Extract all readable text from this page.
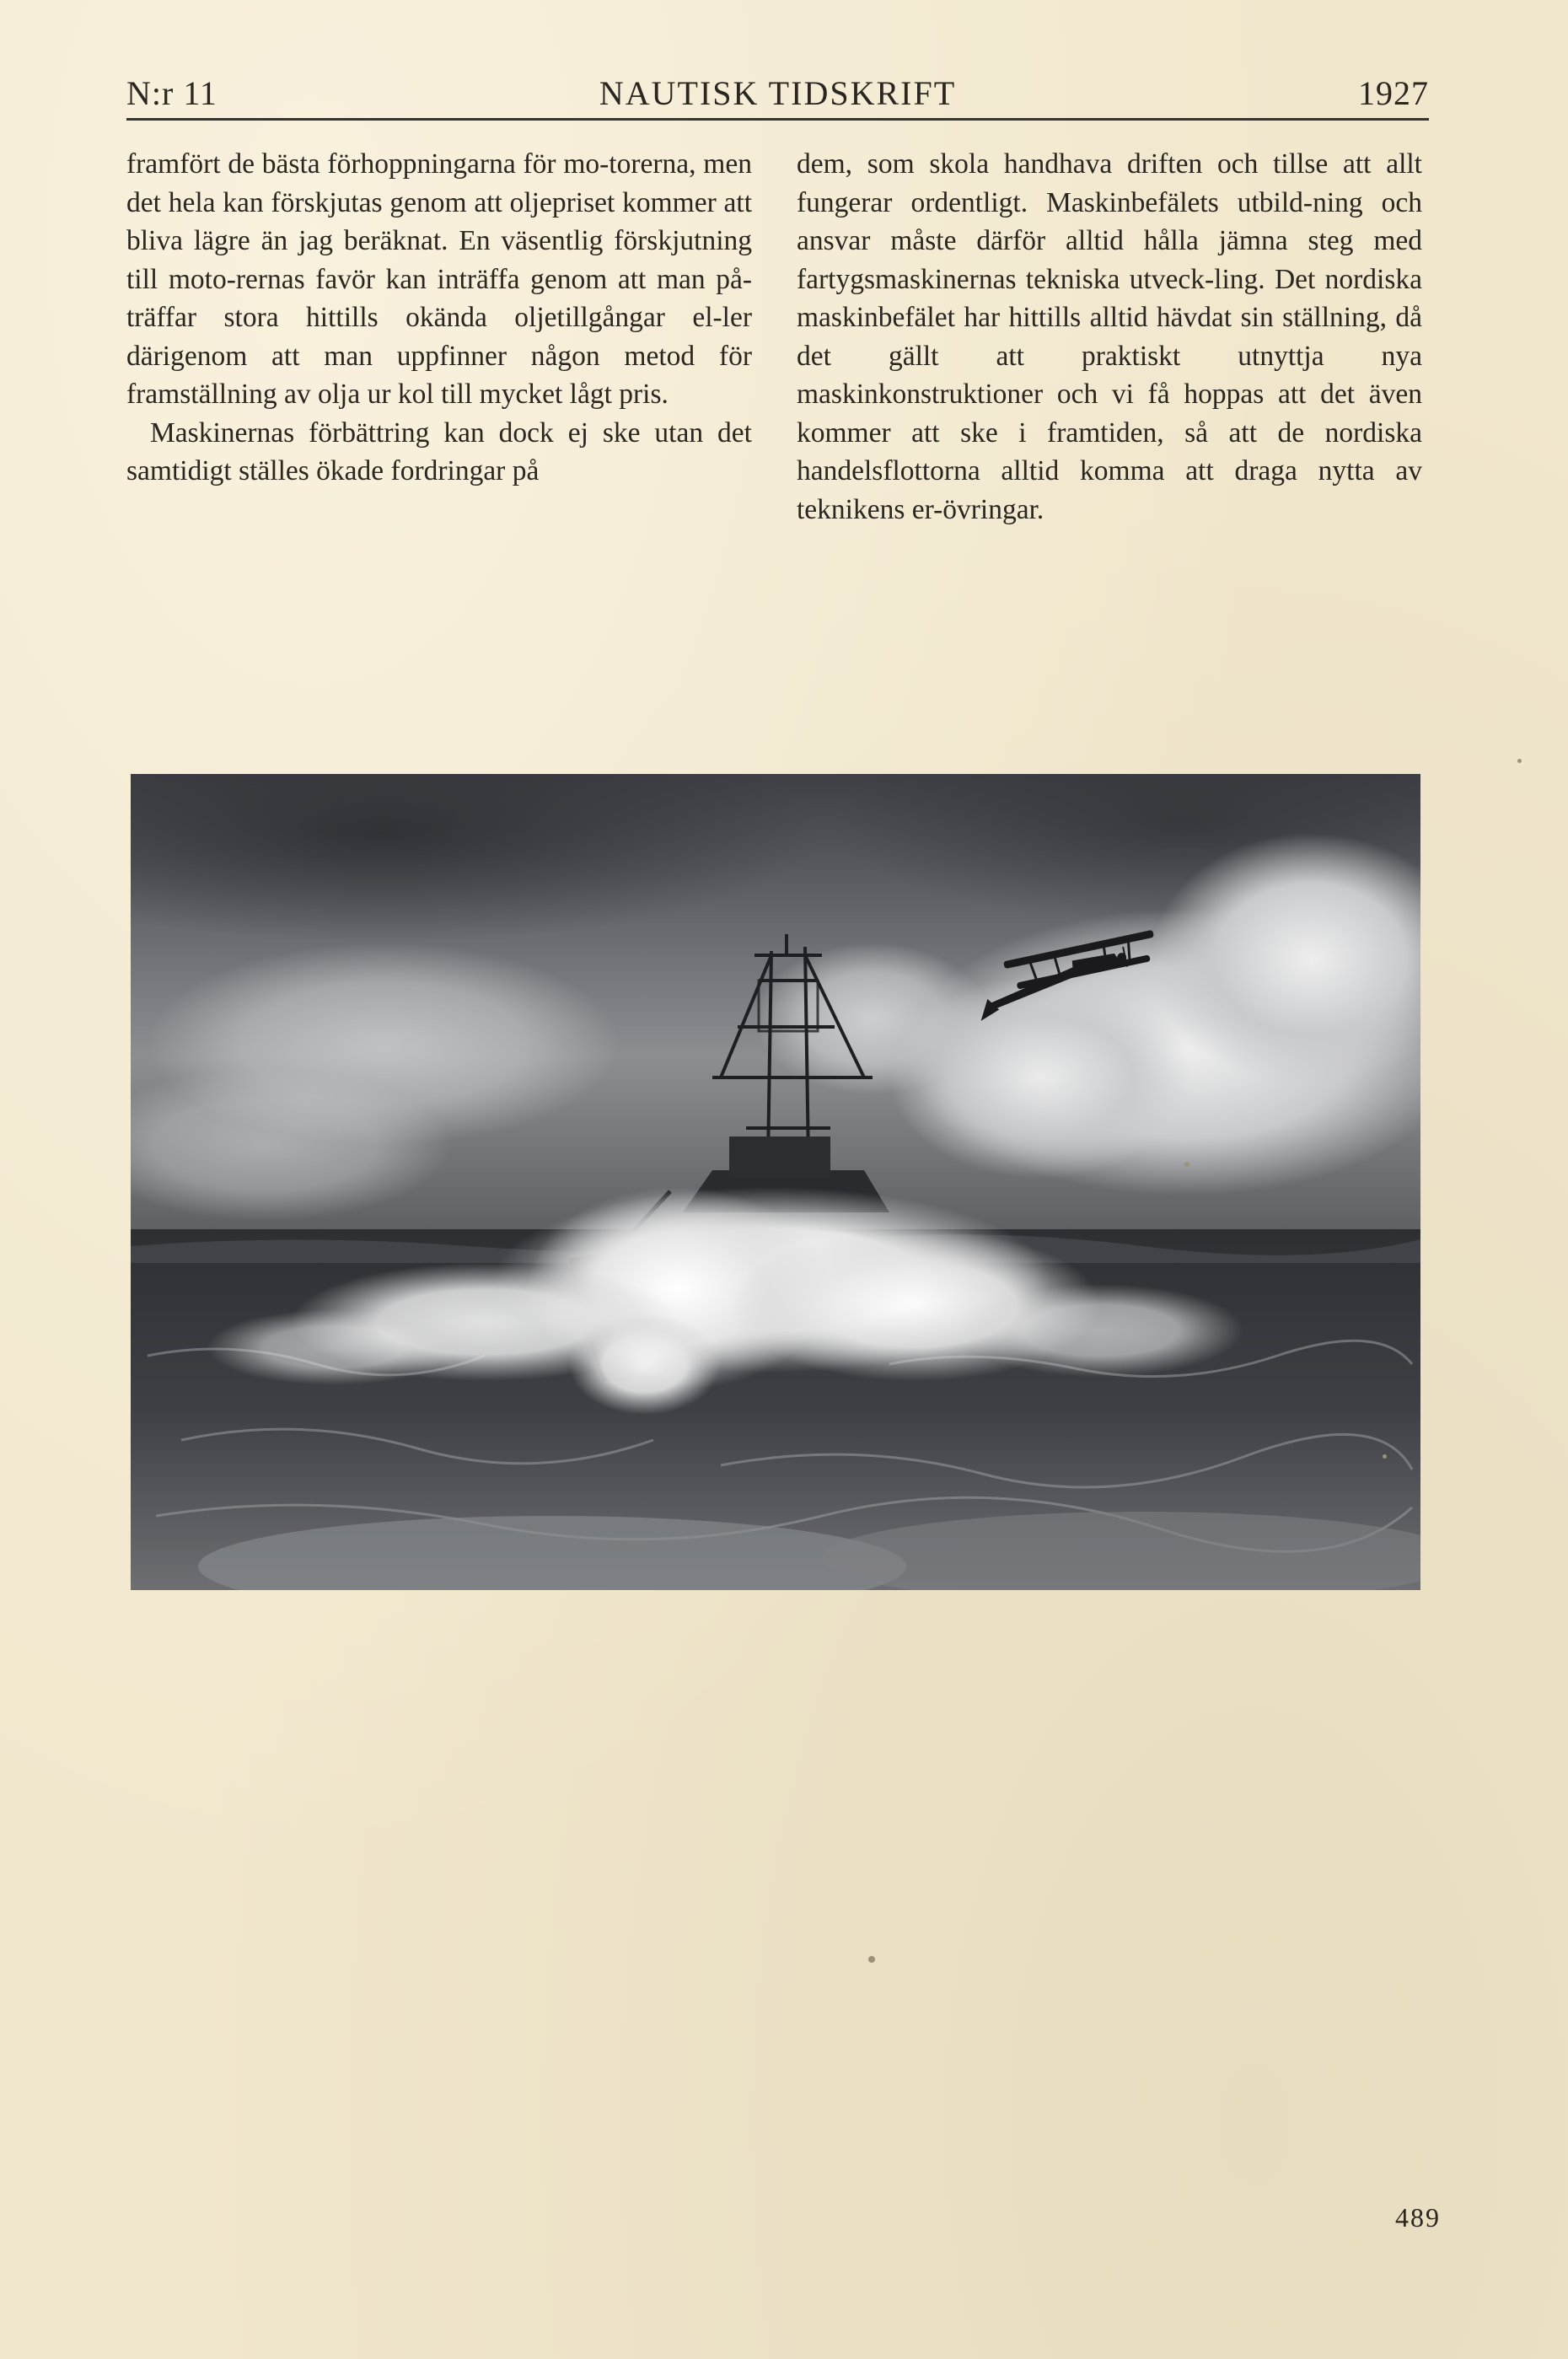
N:r 11	NAUTISK TIDSKRIFT	1927

framfört de bästa förhoppningarna för mo-torerna, men det hela kan förskjutas genom att oljepriset kommer att bliva lägre än jag beräknat. En väsentlig förskjutning till moto-rernas favör kan inträffa genom att man på-träffar stora hittills okända oljetillgångar el-ler därigenom att man uppfinner någon metod för framställning av olja ur kol till mycket lågt pris.

Maskinernas förbättring kan dock ej ske utan det samtidigt ställes ökade fordringar på

dem, som skola handhava driften och tillse att allt fungerar ordentligt. Maskinbefälets utbild-ning och ansvar måste därför alltid hålla jämna steg med fartygsmaskinernas tekniska utveck-ling. Det nordiska maskinbefälet har hittills alltid hävdat sin ställning, då det gällt att praktiskt utnyttja nya maskinkonstruktioner och vi få hoppas att det även kommer att ske i framtiden, så att de nordiska handelsflottorna alltid komma att draga nytta av teknikens er-övringar.

489
